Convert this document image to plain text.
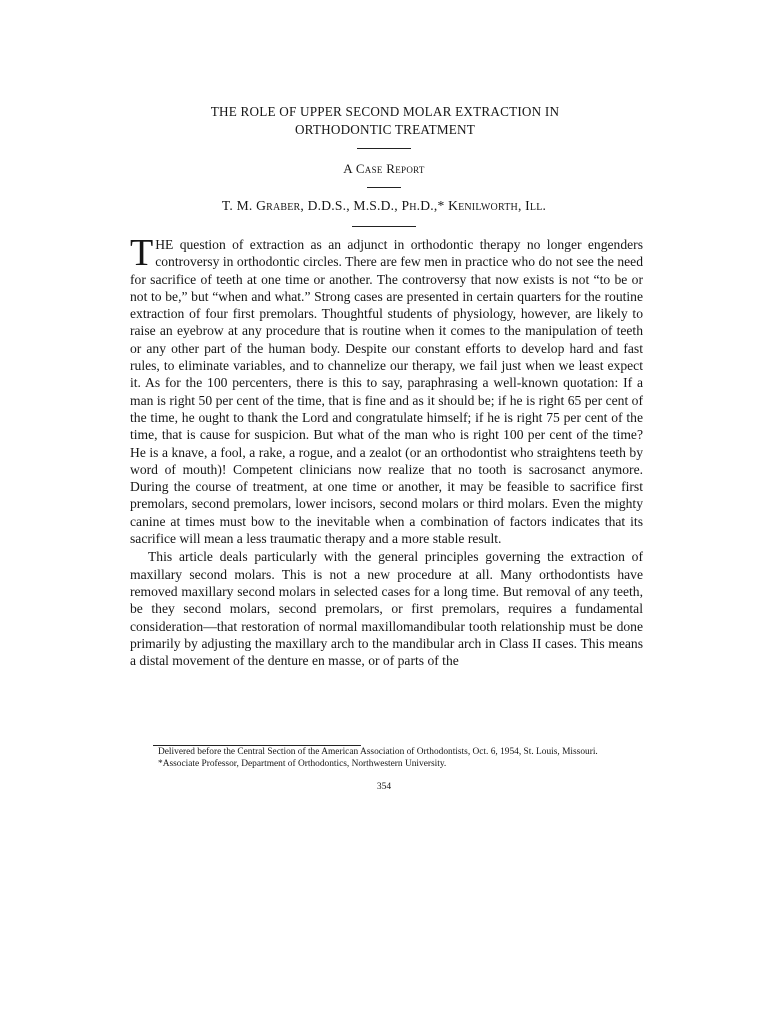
THE ROLE OF UPPER SECOND MOLAR EXTRACTION IN
ORTHODONTIC TREATMENT
A Case Report
T. M. Graber, D.D.S., M.S.D., Ph.D.,* Kenilworth, Ill.

THE question of extraction as an adjunct in orthodontic therapy no longer engenders controversy in orthodontic circles. There are few men in practice who do not see the need for sacrifice of teeth at one time or another. The controversy that now exists is not “to be or not to be,” but “when and what.” Strong cases are presented in certain quarters for the routine extraction of four first premolars. Thoughtful students of physiology, however, are likely to raise an eyebrow at any procedure that is routine when it comes to the manipulation of teeth or any other part of the human body. Despite our constant efforts to develop hard and fast rules, to eliminate variables, and to channelize our therapy, we fail just when we least expect it. As for the 100 percenters, there is this to say, paraphrasing a well-known quotation: If a man is right 50 per cent of the time, that is fine and as it should be; if he is right 65 per cent of the time, he ought to thank the Lord and congratulate himself; if he is right 75 per cent of the time, that is cause for suspicion. But what of the man who is right 100 per cent of the time? He is a knave, a fool, a rake, a rogue, and a zealot (or an orthodontist who straightens teeth by word of mouth)! Competent clinicians now realize that no tooth is sacrosanct anymore. During the course of treatment, at one time or another, it may be feasible to sacrifice first premolars, second premolars, lower incisors, second molars or third molars. Even the mighty canine at times must bow to the inevitable when a combination of factors indicates that its sacrifice will mean a less traumatic therapy and a more stable result.

This article deals particularly with the general principles governing the extraction of maxillary second molars. This is not a new procedure at all. Many orthodontists have removed maxillary second molars in selected cases for a long time. But removal of any teeth, be they second molars, second premolars, or first premolars, requires a fundamental consideration—that restoration of normal maxillomandibular tooth relationship must be done primarily by adjusting the maxillary arch to the mandibular arch in Class II cases. This means a distal movement of the denture en masse, or of parts of the

Delivered before the Central Section of the American Association of Orthodontists, Oct. 6, 1954, St. Louis, Missouri.

*Associate Professor, Department of Orthodontics, Northwestern University.

354
